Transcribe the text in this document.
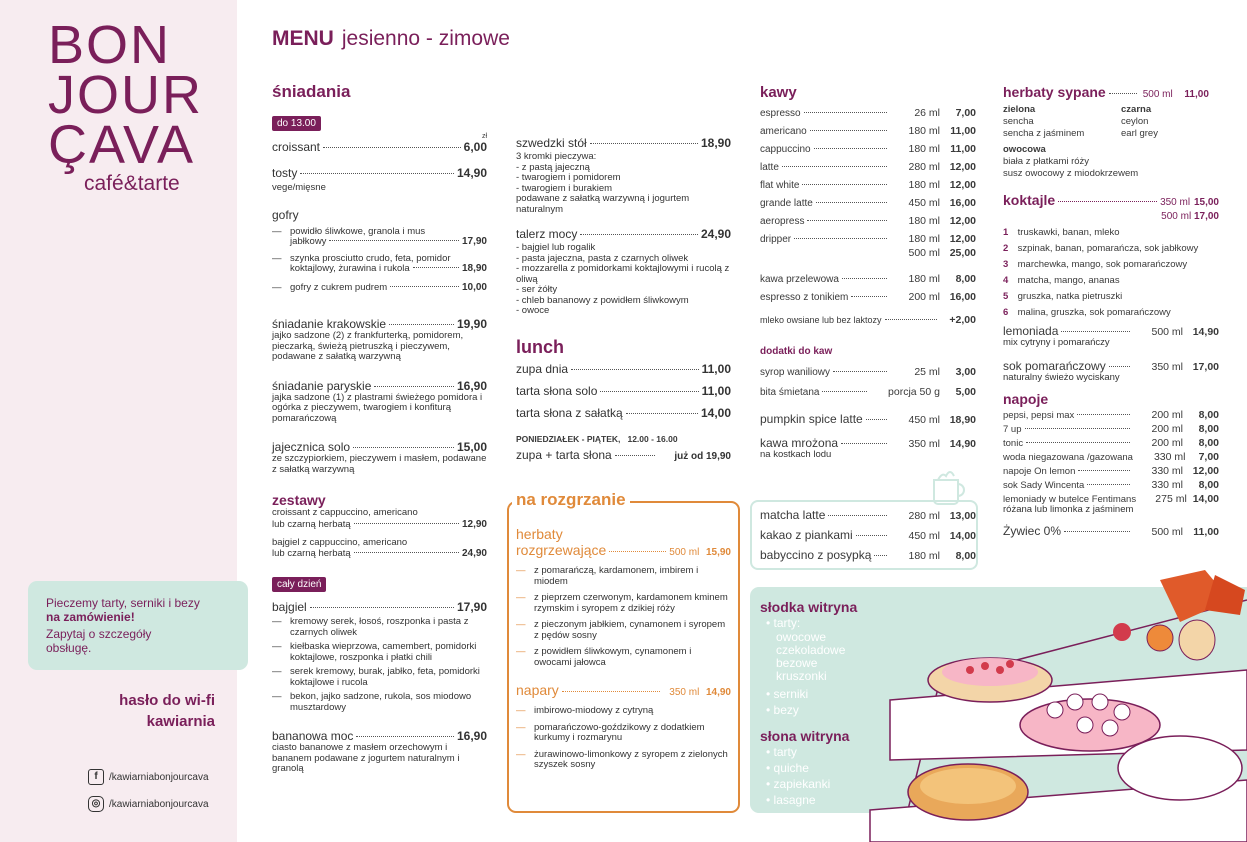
BON
JOUR
ÇAVA
café&tarte
Pieczemy tarty, serniki i bezy
na zamówienie!
Zapytaj o szczegóły
obsługę.
hasło do wi-fi
kawiarnia
f	/kawiarniabonjourcava
◎ /kawiarniabonjourcava
MENU jesienno - zimowe
śniadania
do 13.00
zł
croissant	6,00
tosty	14,90
vege/mięsne
gofry
— powidło śliwkowe, granola i mus
jabłkowy	17,90
— szynka prosciutto crudo, feta, pomidor
koktajlowy, żurawina i rukola	18,90
— gofry z cukrem pudrem	10,00
śniadanie krakowskie	19,90
jajko sadzone (2) z frankfurterką, pomidorem, pieczarką, świeżą pietruszką i pieczywem, podawane z sałatką warzywną
śniadanie paryskie	16,90
jajka sadzone (1) z plastrami świeżego pomidora i ogórka z pieczywem, twarogiem i konfiturą pomarańczową
jajecznica solo	15,00
ze szczypiorkiem, pieczywem i masłem, podawane z sałatką warzywną
zestawy
croissant z cappuccino, americano
lub czarną herbatą	12,90
bajgiel z cappuccino, americano
lub czarną herbatą	24,90
cały dzień
bajgiel	17,90
— kremowy serek, łosoś, roszponka i pasta z czarnych oliwek
— kiełbaska wieprzowa, camembert, pomidorki koktajlowe, roszponka i płatki chili
— serek kremowy, burak, jabłko, feta, pomidorki koktajlowe i rucola
— bekon, jajko sadzone, rukola, sos miodowo musztardowy
bananowa moc	16,90
ciasto bananowe z masłem orzechowym i bananem podawane z jogurtem naturalnym i granolą
szwedzki stół	18,90
3 kromki pieczywa:
- z pastą jajeczną
- twarogiem i pomidorem
- twarogiem i burakiem
podawane z sałatką warzywną i jogurtem naturalnym
talerz mocy	24,90
- bajgiel lub rogalik
- pasta jajeczna, pasta z czarnych oliwek
- mozzarella z pomidorkami koktajlowymi i rucolą z oliwą
- ser żółty
- chleb bananowy z powidłem śliwkowym
- owoce
lunch
zupa dnia	11,00
tarta słona solo	11,00
tarta słona z sałatką	14,00
PONIEDZIAŁEK - PIĄTEK, 12.00 - 16.00
zupa + tarta słona	już od 19,90
na rozgrzanie
herbaty
rozgrzewające	500 ml
15,90
— z pomarańczą, kardamonem, imbirem i miodem
— z pieprzem czerwonym, kardamonem kminem rzymskim i syropem z dzikiej róży
— z pieczonym jabłkiem, cynamonem i syropem z pędów sosny
— z powidłem śliwkowym, cynamonem i owocami jałowca
napary	350 ml
14,90
— imbirowo-miodowy z cytryną
— pomarańczowo-goździkowy z dodatkiem kurkumy i rozmarynu
— żurawinowo-limonkowy z syropem z zielonych szyszek sosny
kawy
espresso	26 ml	7,00
americano	180 ml 11,00
cappuccino	180 ml 11,00
latte	280 ml 12,00
flat white	180 ml 12,00
grande latte	450 ml 16,00
aeropress	180 ml 12,00
dripper	180 ml 12,00
500 ml 25,00
kawa przelewowa	180 ml	8,00
espresso z tonikiem	200 ml 16,00
mleko owsiane lub bez laktozy	+2,00
dodatki do kaw
syrop waniliowy	25 ml	3,00
bita śmietana	porcja 50 g	5,00
pumpkin spice latte	450 ml 18,90
kawa mrożona	350 ml 14,90
na kostkach lodu
matcha latte	280 ml 13,00
kakao z piankami	450 ml 14,00
babyccino z posypką	180 ml	8,00
słodka witryna
• tarty:
owocowe
czekoladowe
bezowe
kruszonki
• serniki
• bezy
słona witryna
• tarty
• quiche
• zapiekanki
• lasagne
herbaty sypane	500 ml
11,00
zielona
sencha
sencha z jaśminem
czarna
ceylon
earl grey
owocowa
biała z płatkami róży
susz owocowy z miodokrzewem
koktajle	350 ml
15,00
500 ml 17,00
1 truskawki, banan, mleko
2 szpinak, banan, pomarańcza, sok jabłkowy
3 marchewka, mango, sok pomarańczowy
4 matcha, mango, ananas
5 gruszka, natka pietruszki
6 malina, gruszka, sok pomarańczowy
lemoniada	500 ml 14,90
mix cytryny i pomarańczy
sok pomarańczowy	350 ml 17,00
naturalny świeżo wyciskany
napoje
pepsi, pepsi max	200 ml	8,00
7 up	200 ml	8,00
tonic	200 ml	8,00
woda niegazowana /gazowana	330 ml	7,00
napoje On lemon	330 ml 12,00
sok Sady Wincenta	330 ml	8,00
lemoniady w butelce Fentimans	275 ml 14,00
różana lub limonka z jaśminem
Żywiec 0%	500 ml 11,00
